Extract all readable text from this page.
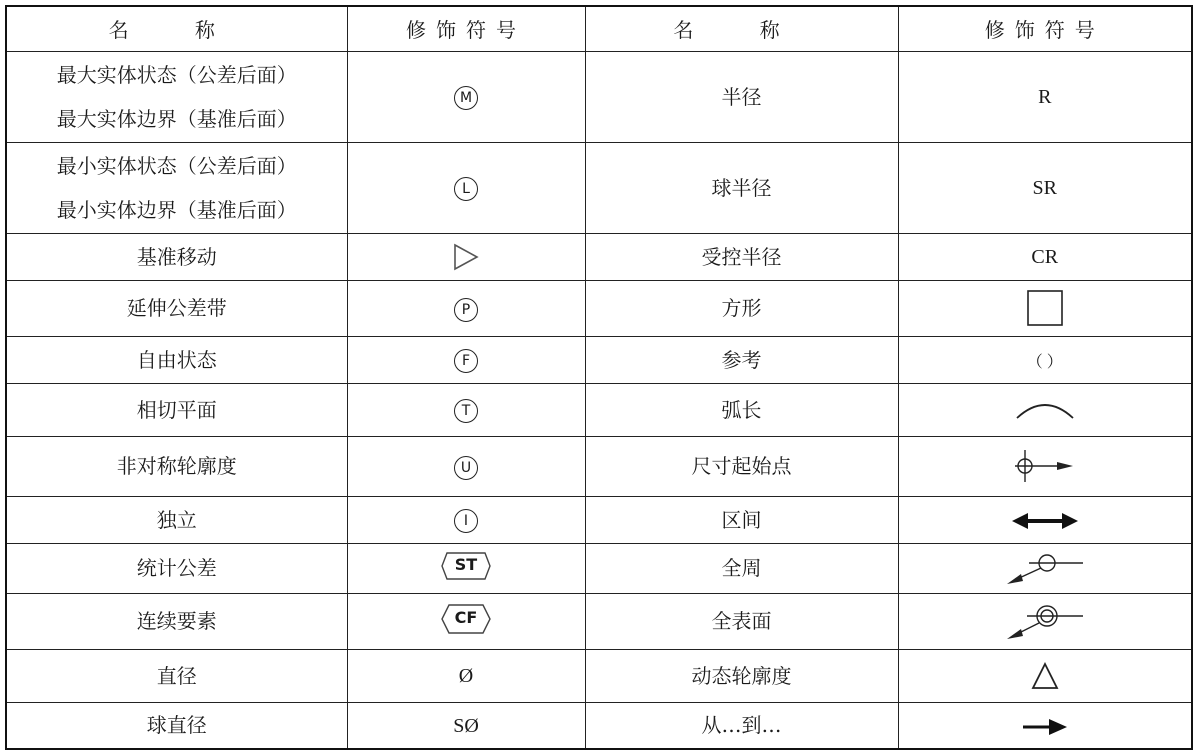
名 称	修饰符号	名 称	修饰符号

最大实体状态（公差后面）
最大实体边界（基准后面）	M	半径	R

最小实体状态（公差后面）
最小实体边界（基准后面）	L	球半径	SR
基准移动		受控半径	CR
延伸公差带	P	方形	
自由状态	F	参考	（ ）
相切平面	T	弧长	
非对称轮廓度	U	尺寸起始点	
独立	I	区间	
统计公差	ST	全周	
连续要素	CF	全表面	
直径	Ø	动态轮廓度	
球直径	SØ	从…到…	
